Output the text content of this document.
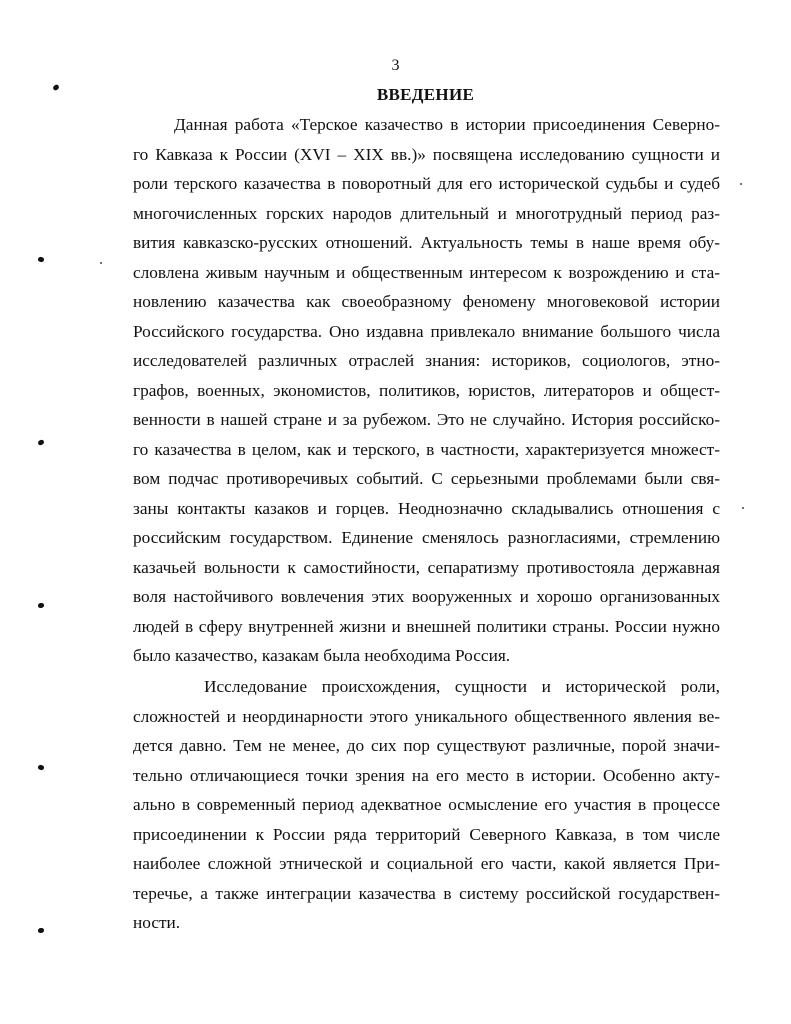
3
ВВЕДЕНИЕ
Данная работа «Терское казачество в истории присоединения Северно-
го Кавказа к России (XVI – XIX вв.)» посвящена исследованию сущности и
роли терского казачества в поворотный для его исторической судьбы и судеб
многочисленных горских народов длительный и многотрудный период раз-
вития кавказско-русских отношений. Актуальность темы в наше время обу-
словлена живым научным и общественным интересом к возрождению и ста-
новлению казачества как своеобразному феномену многовековой истории
Российского государства. Оно издавна привлекало внимание большого числа
исследователей различных отраслей знания: историков, социологов, этно-
графов, военных, экономистов, политиков, юристов, литераторов и общест-
венности в нашей стране и за рубежом. Это не случайно. История российско-
го казачества в целом, как и терского, в частности, характеризуется множест-
вом подчас противоречивых событий. С серьезными проблемами были свя-
заны контакты казаков и горцев. Неоднозначно складывались отношения с
российским государством. Единение сменялось разногласиями, стремлению
казачьей вольности к самостийности, сепаратизму противостояла державная
воля настойчивого вовлечения этих вооруженных и хорошо организованных
людей в сферу внутренней жизни и внешней политики страны. России нужно
было казачество, казакам была необходима Россия.
Исследование происхождения, сущности и исторической роли,
сложностей и неординарности этого уникального общественного явления ве-
дется давно. Тем не менее, до сих пор существуют различные, порой значи-
тельно отличающиеся точки зрения на его место в истории. Особенно акту-
ально в современный период адекватное осмысление его участия в процессе
присоединении к России ряда территорий Северного Кавказа, в том числе
наиболее сложной этнической и социальной его части, какой является При-
теречье, а также интеграции казачества в систему российской государствен-
ности.
